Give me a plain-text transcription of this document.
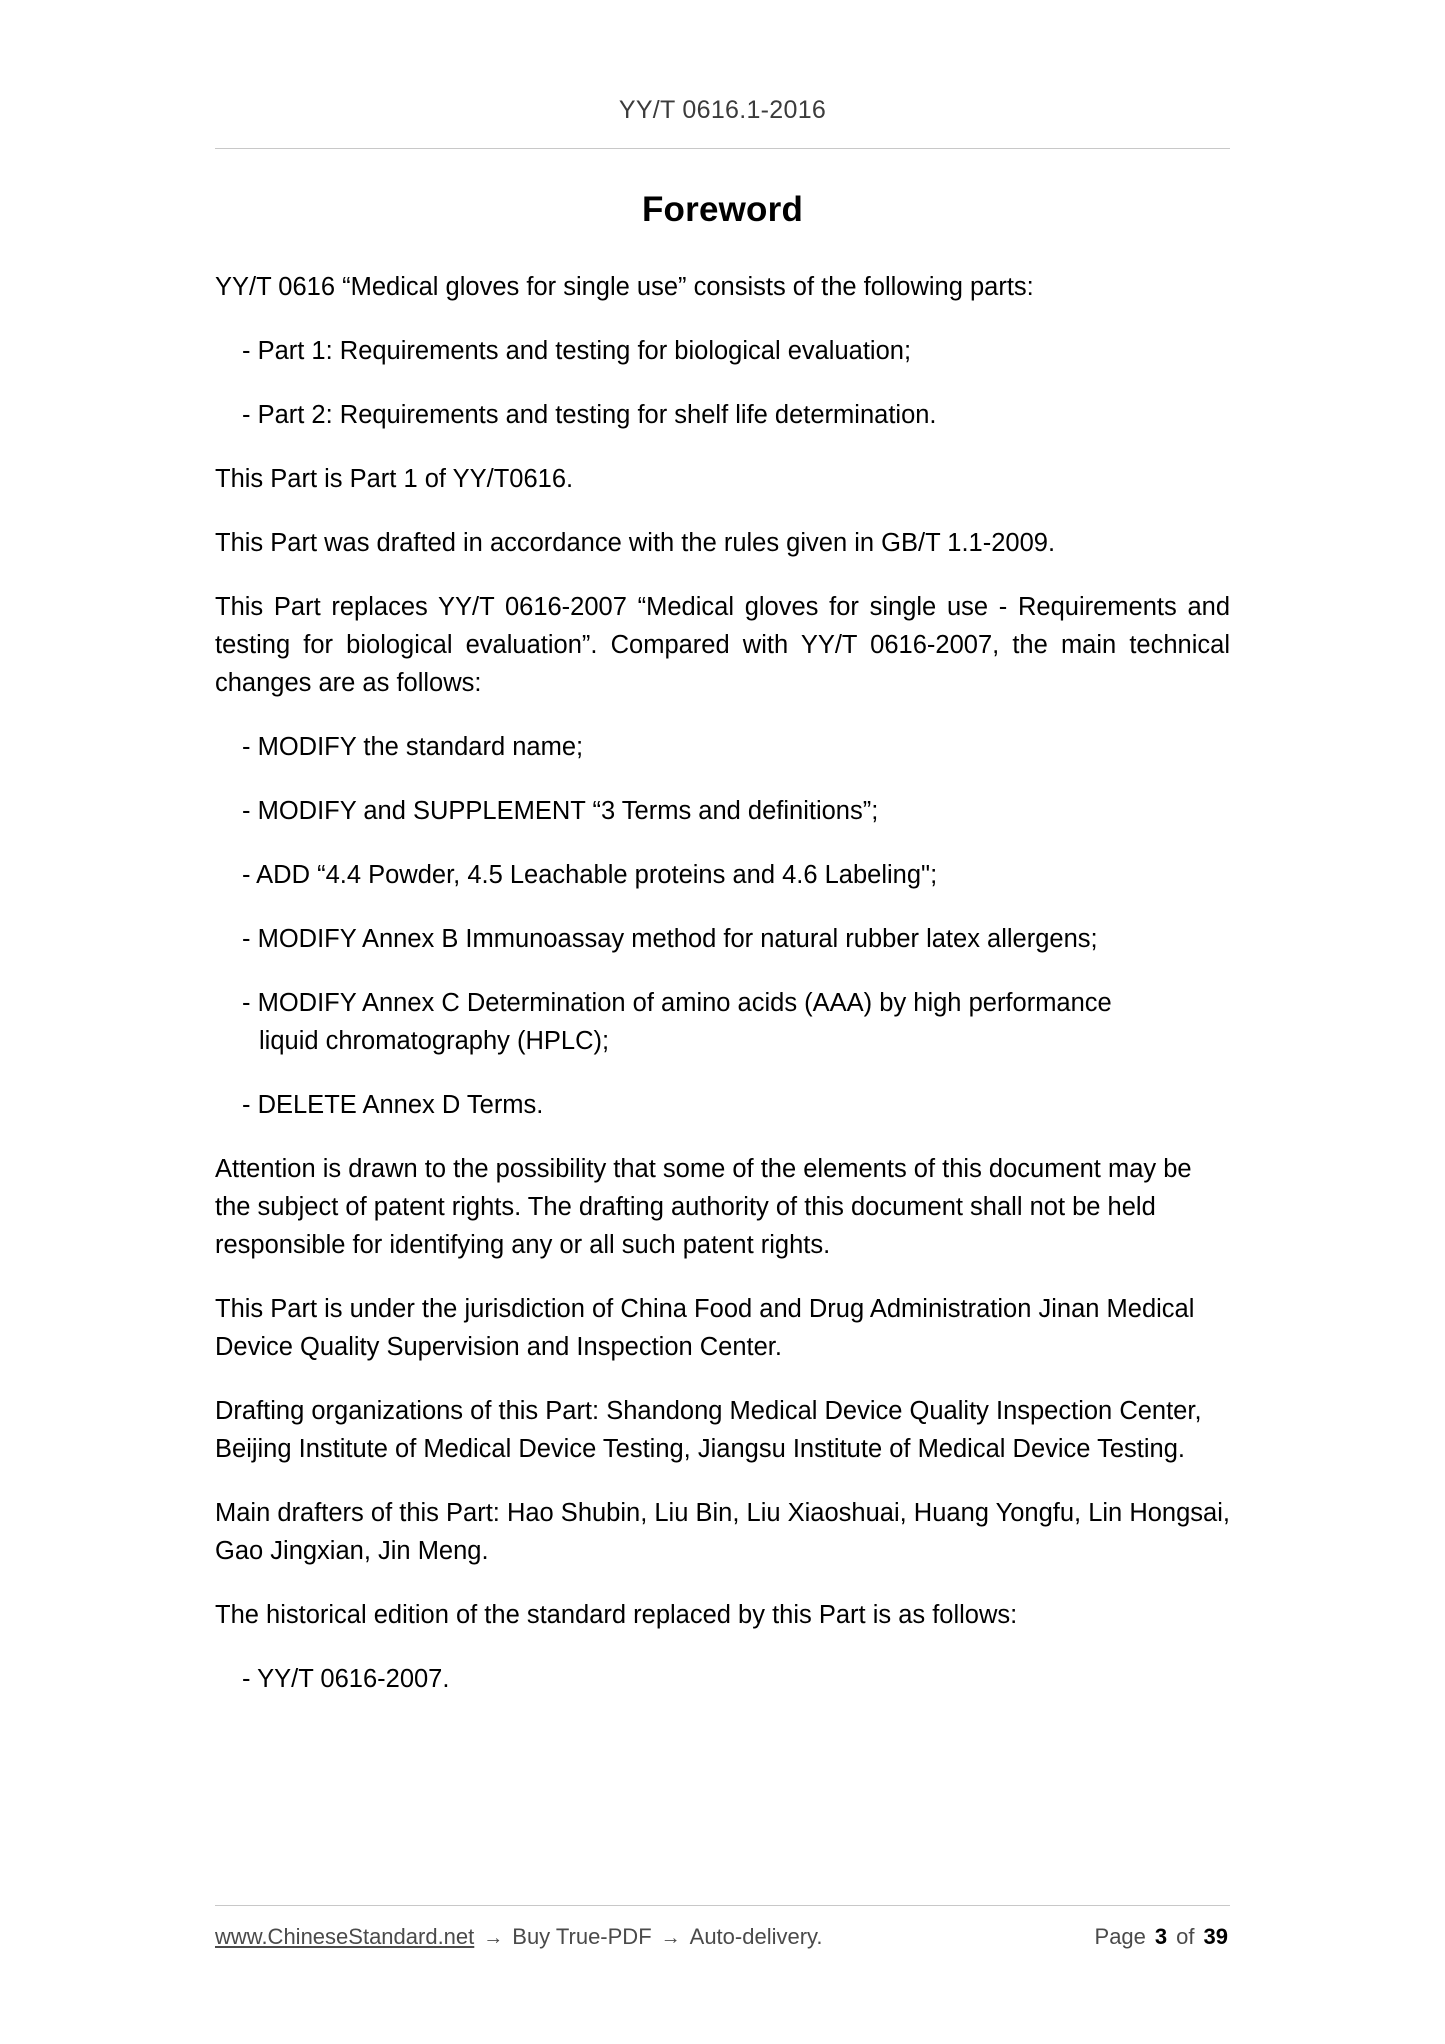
YY/T 0616.1-2016
Foreword

YY/T 0616 “Medical gloves for single use” consists of the following parts:

- Part 1: Requirements and testing for biological evaluation;

- Part 2: Requirements and testing for shelf life determination.

This Part is Part 1 of YY/T0616.

This Part was drafted in accordance with the rules given in GB/T 1.1-2009.

This Part replaces YY/T 0616-2007 “Medical gloves for single use - Requirements and testing for biological evaluation”. Compared with YY/T 0616-2007, the main technical changes are as follows:

- MODIFY the standard name;

- MODIFY and SUPPLEMENT “3 Terms and definitions”;

- ADD “4.4 Powder, 4.5 Leachable proteins and 4.6 Labeling";

- MODIFY Annex B Immunoassay method for natural rubber latex allergens;

- MODIFY Annex C Determination of amino acids (AAA) by high performance
liquid chromatography (HPLC);

- DELETE Annex D Terms.

Attention is drawn to the possibility that some of the elements of this document may be the subject of patent rights. The drafting authority of this document shall not be held responsible for identifying any or all such patent rights.

This Part is under the jurisdiction of China Food and Drug Administration Jinan Medical Device Quality Supervision and Inspection Center.

Drafting organizations of this Part: Shandong Medical Device Quality Inspection Center, Beijing Institute of Medical Device Testing, Jiangsu Institute of Medical Device Testing.

Main drafters of this Part: Hao Shubin, Liu Bin, Liu Xiaoshuai, Huang Yongfu, Lin Hongsai, Gao Jingxian, Jin Meng.

The historical edition of the standard replaced by this Part is as follows:

- YY/T 0616-2007.

www.ChineseStandard.net → Buy True-PDF → Auto-delivery.	Page 3 of 39
